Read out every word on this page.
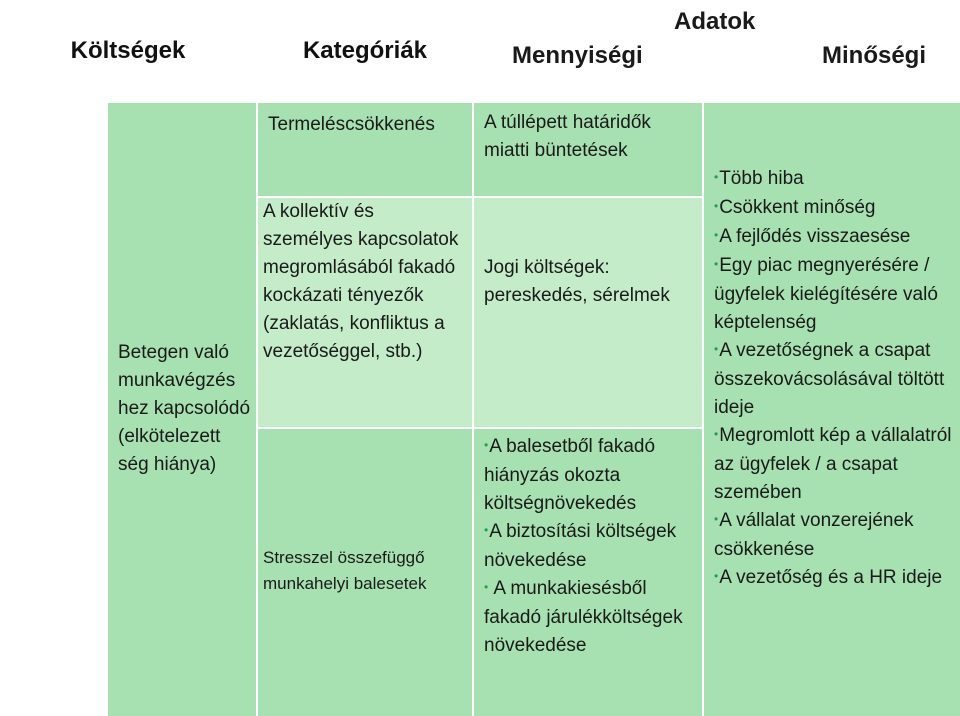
Költségek	Kategóriák
Adatok
Mennyiségi	Minőségi
Betegen való munkavégzés hez kapcsolódó (elkötelezett ség hiánya)
Termeléscsökkenés
A kollektív és személyes kapcsolatok megromlásából fakadó kockázati tényezők (zaklatás, konfliktus a vezetőséggel, stb.)
Stresszel összefüggő munkahelyi balesetek
A túllépett határidők miatti büntetések
Jogi költségek: pereskedés, sérelmek
•A balesetből fakadó hiányzás okozta költségnövekedés
•A biztosítási költségek növekedése
• A munkakiesésből fakadó járulékköltségek növekedése
•Több hiba
•Csökkent minőség
•A fejlődés visszaesése
•Egy piac megnyerésére / ügyfelek kielégítésére való képtelenség
•A vezetőségnek a csapat összekovácsolásával töltött ideje
•Megromlott kép a vállalatról az ügyfelek / a csapat szemében
•A vállalat vonzerejének csökkenése
•A vezetőség és a HR ideje
